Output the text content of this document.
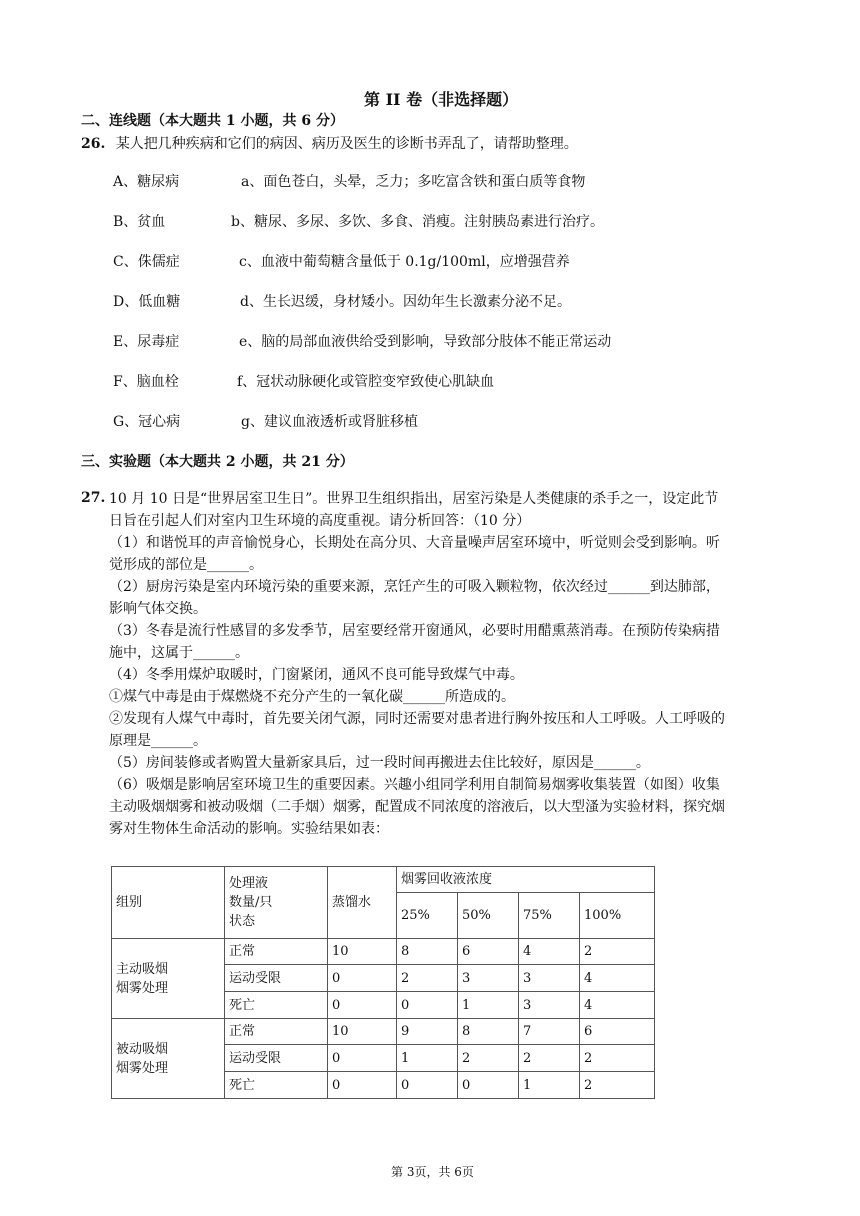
第 II 卷（非选择题）
二、连线题（本大题共 1 小题，共 6 分）
26. 某人把几种疾病和它们的病因、病历及医生的诊断书弄乱了，请帮助整理。
A、糖尿病	a、面色苍白，头晕，乏力；多吃富含铁和蛋白质等食物
B、贫血	b、糖尿、多尿、多饮、多食、消瘦。注射胰岛素进行治疗。
C、侏儒症	c、血液中葡萄糖含量低于 0.1g/100ml，应增强营养
D、低血糖	d、生长迟缓，身材矮小。因幼年生长激素分泌不足。
E、尿毒症	e、脑的局部血液供给受到影响，导致部分肢体不能正常运动
F、脑血栓	f、冠状动脉硬化或管腔变窄致使心肌缺血
G、冠心病	g、建议血液透析或肾脏移植
三、实验题（本大题共 2 小题，共 21 分）
27. 10 月 10 日是“世界居室卫生日”。世界卫生组织指出，居室污染是人类健康的杀手之一，设定此节
日旨在引起人们对室内卫生环境的高度重视。请分析回答：（10 分）
（1）和谐悦耳的声音愉悦身心，长期处在高分贝、大音量噪声居室环境中，听觉则会受到影响。听
觉形成的部位是______。
（2）厨房污染是室内环境污染的重要来源，烹饪产生的可吸入颗粒物，依次经过______到达肺部，
影响气体交换。
（3）冬春是流行性感冒的多发季节，居室要经常开窗通风，必要时用醋熏蒸消毒。在预防传染病措
施中，这属于______。
（4）冬季用煤炉取暖时，门窗紧闭，通风不良可能导致煤气中毒。
①煤气中毒是由于煤燃烧不充分产生的一氧化碳______所造成的。
②发现有人煤气中毒时，首先要关闭气源，同时还需要对患者进行胸外按压和人工呼吸。人工呼吸的
原理是______。
（5）房间装修或者购置大量新家具后，过一段时间再搬进去住比较好，原因是______。
（6）吸烟是影响居室环境卫生的重要因素。兴趣小组同学利用自制简易烟雾收集装置（如图）收集
主动吸烟烟雾和被动吸烟（二手烟）烟雾，配置成不同浓度的溶液后，以大型溞为实验材料，探究烟
雾对生物体生命活动的影响。实验结果如表：
组别	处理液
数量/只
状态	蒸馏水	烟雾回收液浓度			
			25%	50%	75%	100%

主动吸烟
烟雾处理	正常	10	8	6	4	2
	运动受限	0	2	3	3	4
	死亡	0	0	1	3	4

被动吸烟
烟雾处理	正常	10	9	8	7	6
	运动受限	0	1	2	2	2
	死亡	0	0	0	1	2
第 3页，共 6页
